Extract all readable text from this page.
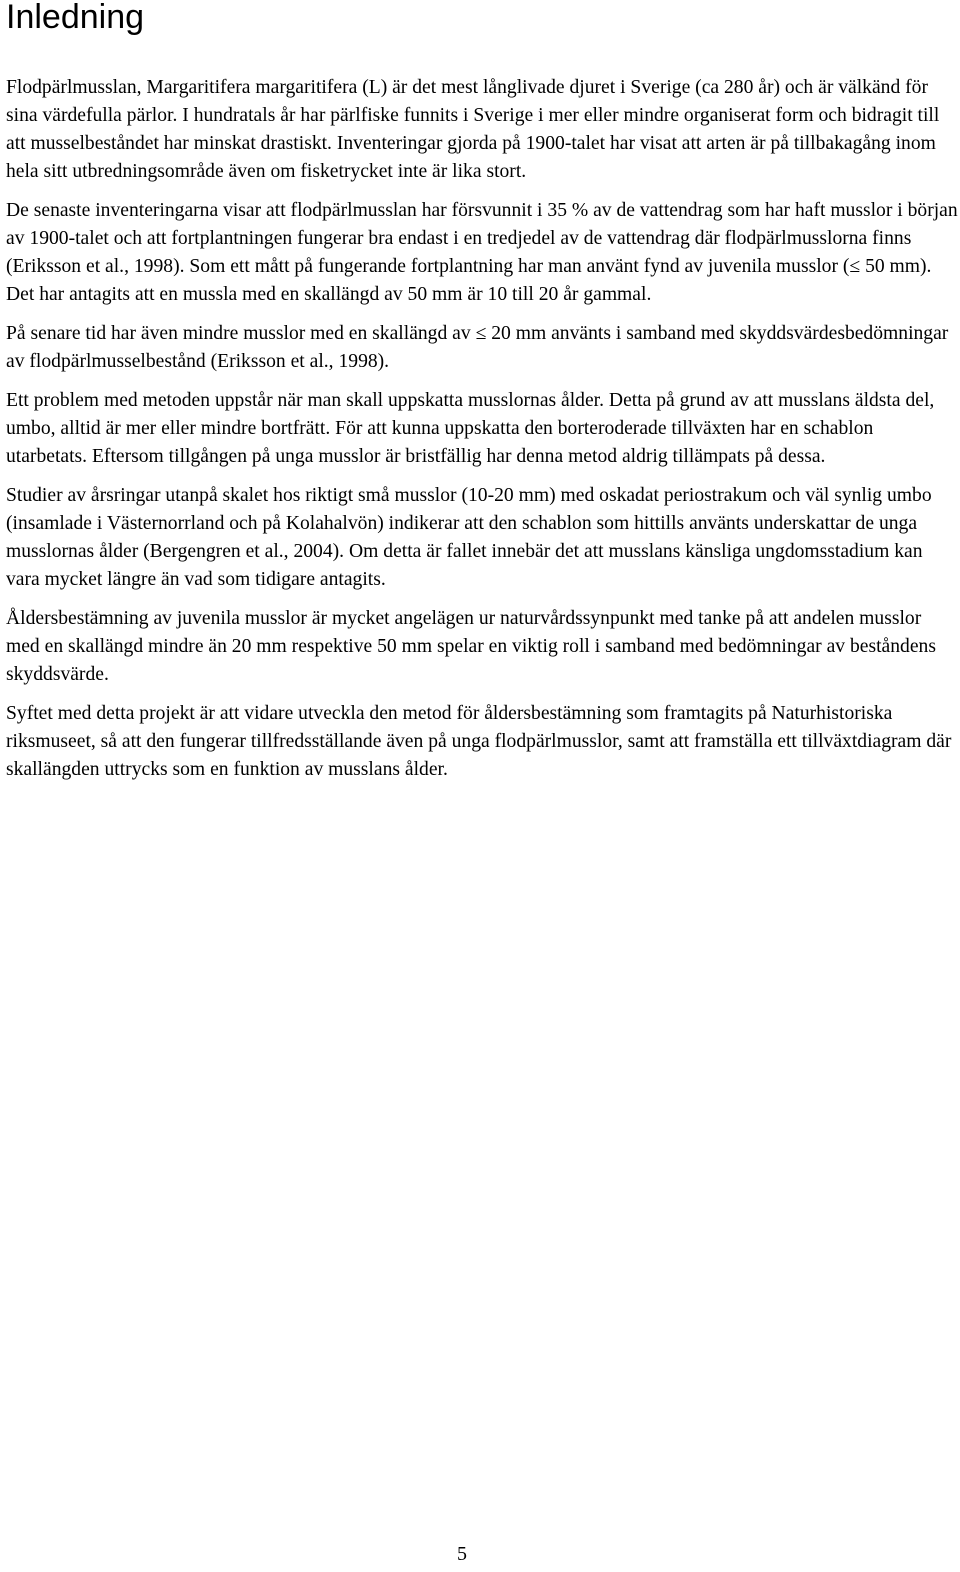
Inledning

Flodpärlmusslan, Margaritifera margaritifera (L) är det mest långlivade djuret i Sverige (ca 280 år) och är välkänd för sina värdefulla pärlor. I hundratals år har pärlfiske funnits i Sverige i mer eller mindre organiserat form och bidragit till att musselbeståndet har minskat drastiskt. Inventeringar gjorda på 1900-talet har visat att arten är på tillbakagång inom hela sitt utbredningsområde även om fisketrycket inte är lika stort.

De senaste inventeringarna visar att flodpärlmusslan har försvunnit i 35 % av de vattendrag som har haft musslor i början av 1900-talet och att fortplantningen fungerar bra endast i en tredjedel av de vattendrag där flodpärlmusslorna finns (Eriksson et al., 1998). Som ett mått på fungerande fortplantning har man använt fynd av juvenila musslor (≤ 50 mm). Det har antagits att en mussla med en skallängd av 50 mm är 10 till 20 år gammal.

På senare tid har även mindre musslor med en skallängd av ≤ 20 mm använts i samband med skyddsvärdesbedömningar av flodpärlmusselbestånd (Eriksson et al., 1998).

Ett problem med metoden uppstår när man skall uppskatta musslornas ålder. Detta på grund av att musslans äldsta del, umbo, alltid är mer eller mindre bortfrätt. För att kunna uppskatta den borteroderade tillväxten har en schablon utarbetats. Eftersom tillgången på unga musslor är bristfällig har denna metod aldrig tillämpats på dessa.

Studier av årsringar utanpå skalet hos riktigt små musslor (10-20 mm) med oskadat periostrakum och väl synlig umbo (insamlade i Västernorrland och på Kolahalvön) indikerar att den schablon som hittills använts underskattar de unga musslornas ålder (Bergengren et al., 2004). Om detta är fallet innebär det att musslans känsliga ungdomsstadium kan vara mycket längre än vad som tidigare antagits.

Åldersbestämning av juvenila musslor är mycket angelägen ur naturvårdssynpunkt med tanke på att andelen musslor med en skallängd mindre än 20 mm respektive 50 mm spelar en viktig roll i samband med bedömningar av beståndens skyddsvärde.

Syftet med detta projekt är att vidare utveckla den metod för åldersbestämning som framtagits på Naturhistoriska riksmuseet, så att den fungerar tillfredsställande även på unga flodpärlmusslor, samt att framställa ett tillväxtdiagram där skallängden uttrycks som en funktion av musslans ålder.

5
